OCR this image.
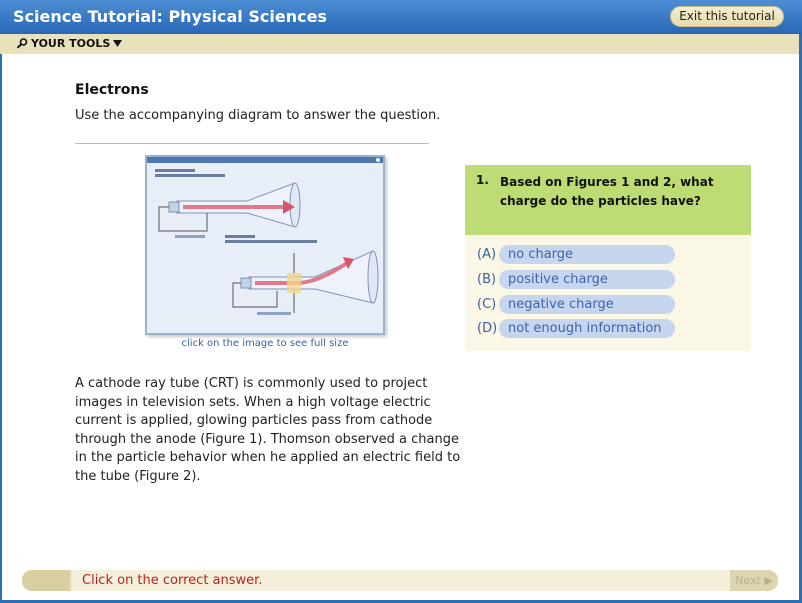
Science Tutorial: Physical Sciences	Exit this tutorial
YOUR TOOLS
Electrons
Use the accompanying diagram to answer the question.
click on the image to see full size
A cathode ray tube (CRT) is commonly used to project images in television sets. When a high voltage electric current is applied, glowing particles pass from cathode through the anode (Figure 1). Thomson observed a change in the particle behavior when he applied an electric field to the tube (Figure 2).
1. Based on Figures 1 and 2, what charge do the particles have?
(A) no charge
(B) positive charge
(C) negative charge
(D) not enough information
Click on the correct answer.	Next ▶
